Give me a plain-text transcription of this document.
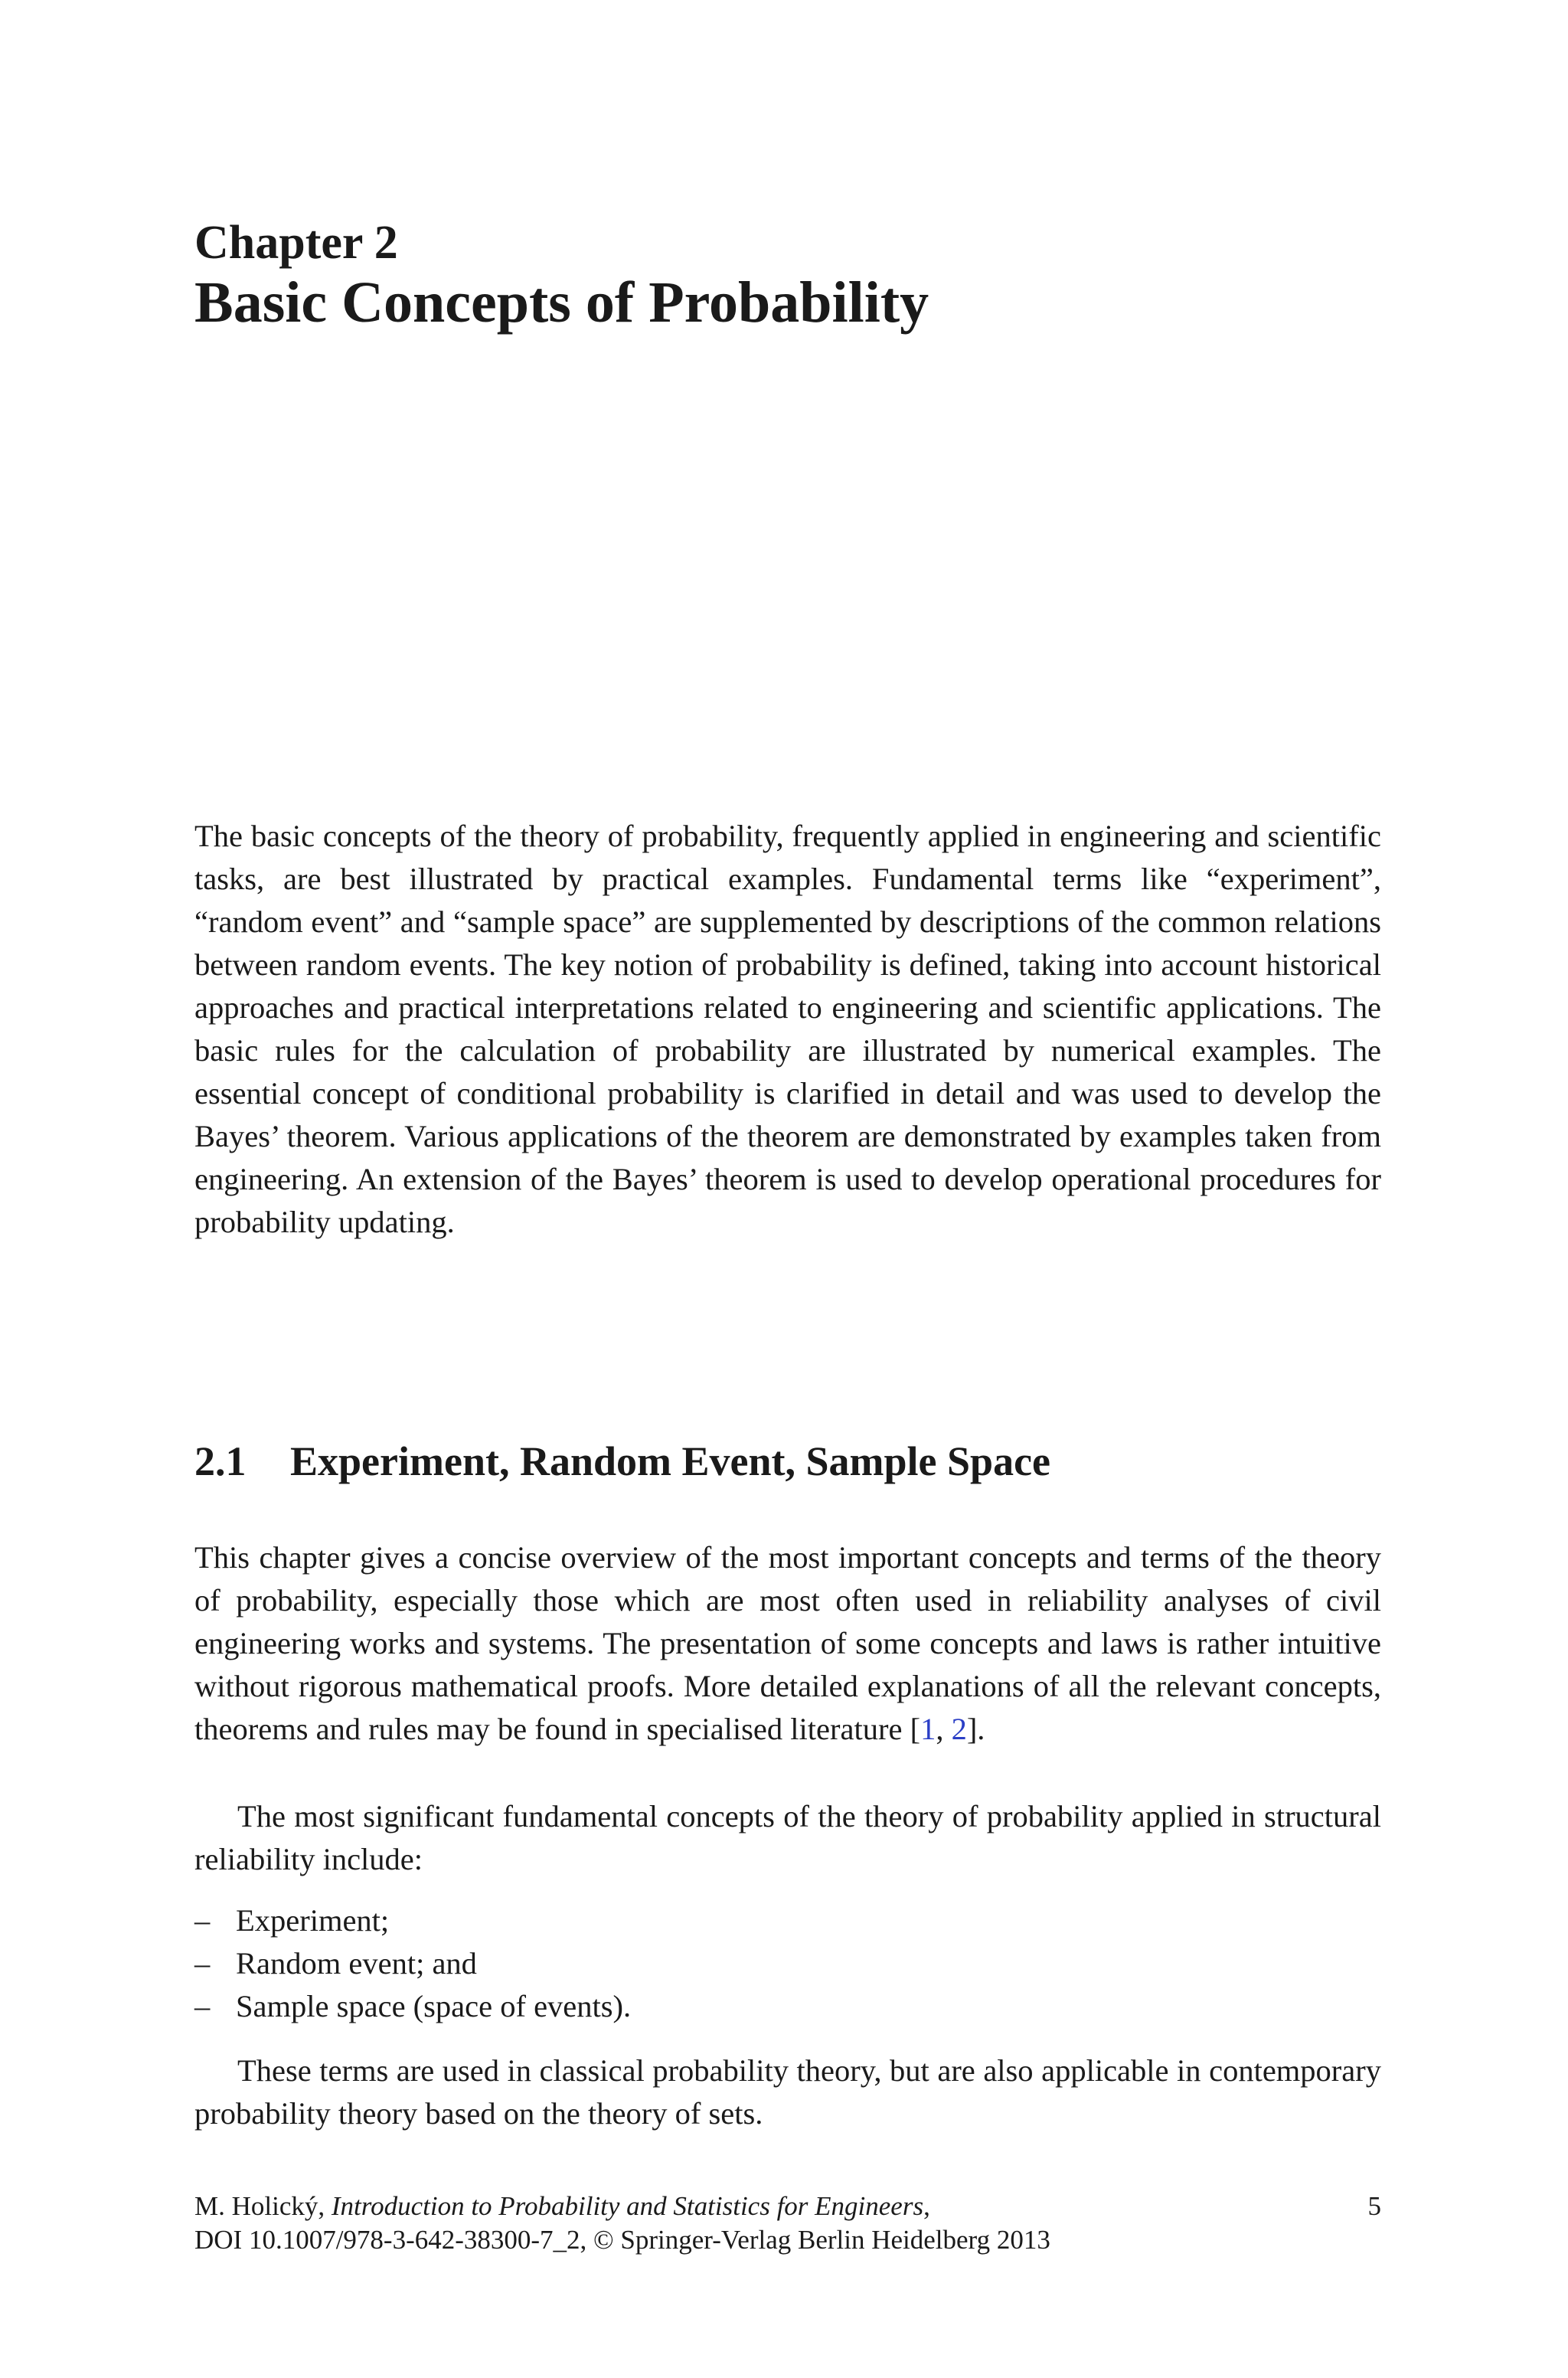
Chapter 2
Basic Concepts of Probability

The basic concepts of the theory of probability, frequently applied in engineering and scientific tasks, are best illustrated by practical examples. Fundamental terms like “experiment”, “random event” and “sample space” are supplemented by descriptions of the common relations between random events. The key notion of probability is defined, taking into account historical approaches and practical interpretations related to engineering and scientific applications. The basic rules for the calculation of probability are illustrated by numerical examples. The essential concept of conditional probability is clarified in detail and was used to develop the Bayes’ theorem. Various applications of the theorem are demonstrated by examples taken from engineering. An extension of the Bayes’ theorem is used to develop operational procedures for probability updating.

2.1 Experiment, Random Event, Sample Space

This chapter gives a concise overview of the most important concepts and terms of the theory of probability, especially those which are most often used in reliability analyses of civil engineering works and systems. The presentation of some concepts and laws is rather intuitive without rigorous mathematical proofs. More detailed explanations of all the relevant concepts, theorems and rules may be found in specialised literature [1, 2].

The most significant fundamental concepts of the theory of probability applied in structural reliability include:

– Experiment;
– Random event; and
– Sample space (space of events).

These terms are used in classical probability theory, but are also applicable in contemporary probability theory based on the theory of sets.

M. Holický, Introduction to Probability and Statistics for Engineers,
DOI 10.1007/978-3-642-38300-7_2, © Springer-Verlag Berlin Heidelberg 2013
5
